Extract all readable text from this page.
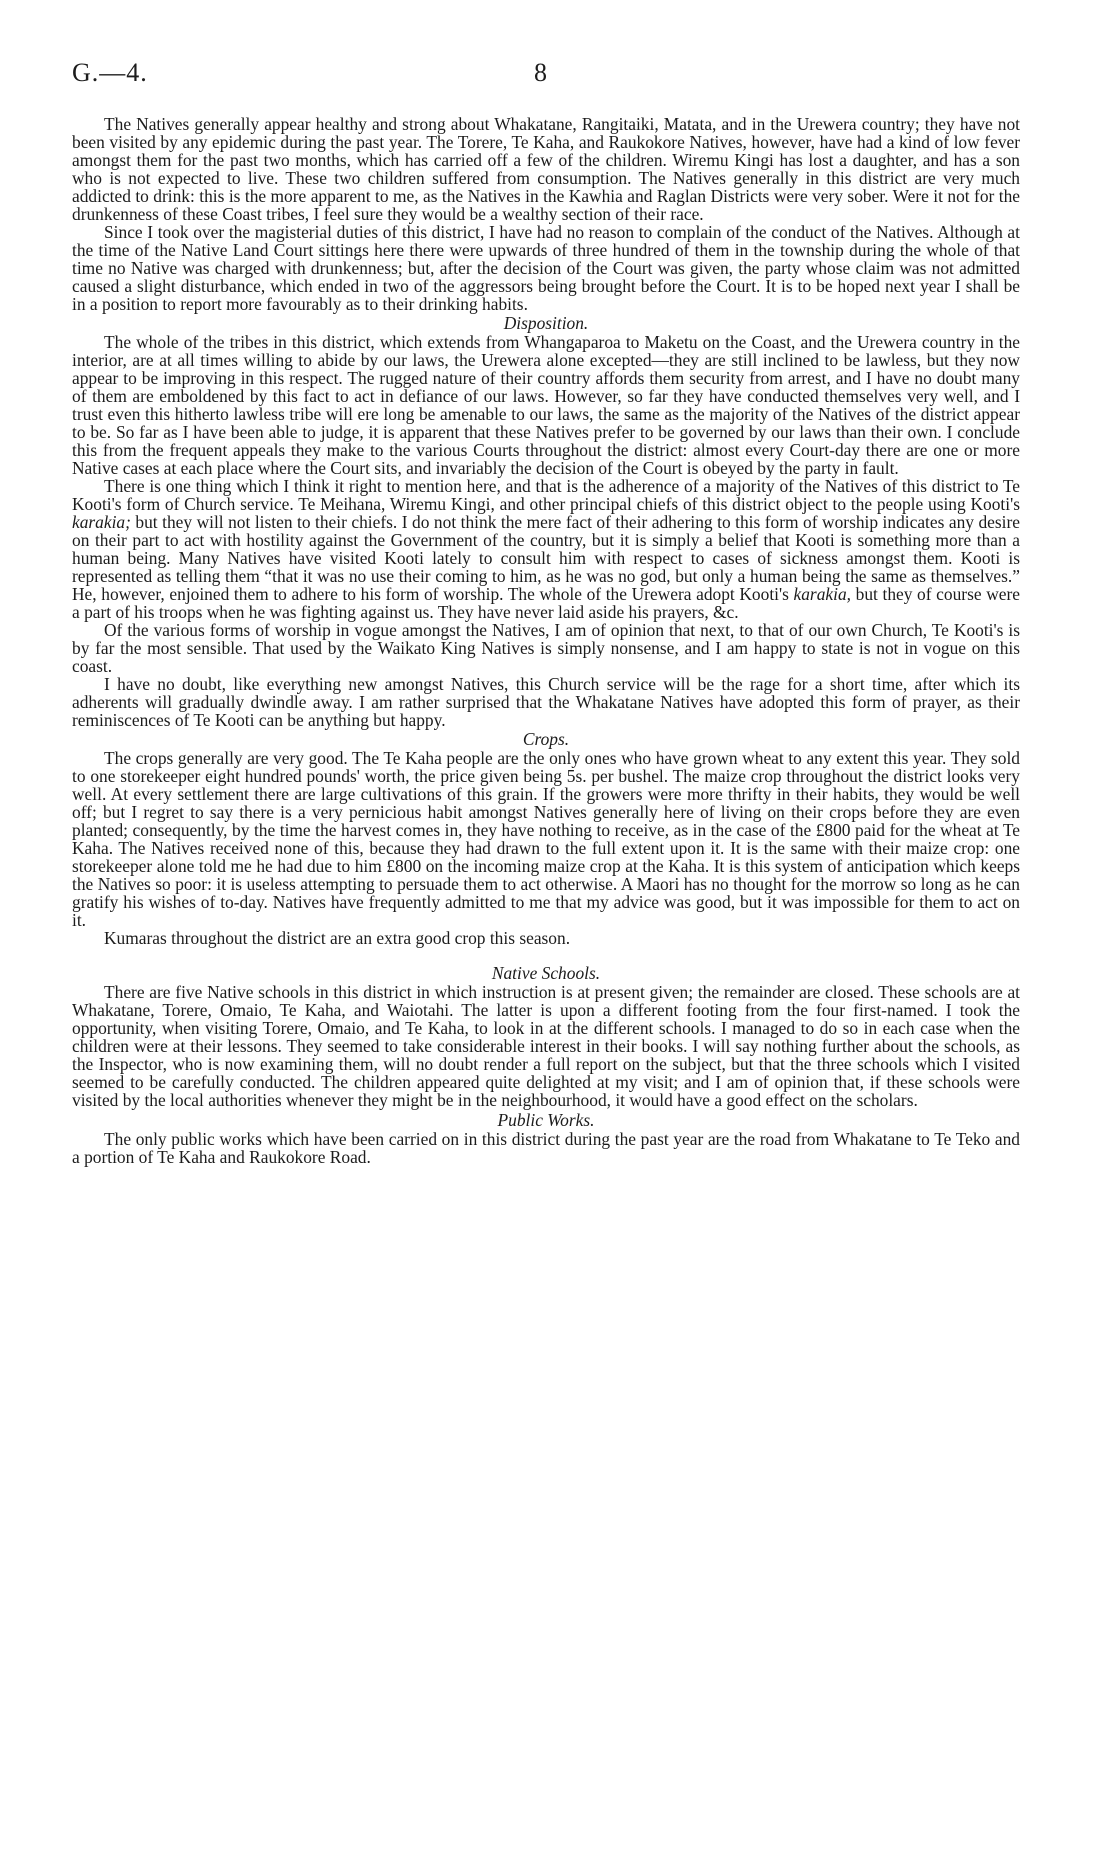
G.—4.	8

The Natives generally appear healthy and strong about Whakatane, Rangitaiki, Matata, and in the Urewera country; they have not been visited by any epidemic during the past year. The Torere, Te Kaha, and Raukokore Natives, however, have had a kind of low fever amongst them for the past two months, which has carried off a few of the children. Wiremu Kingi has lost a daughter, and has a son who is not expected to live. These two children suffered from consumption. The Natives generally in this district are very much addicted to drink: this is the more apparent to me, as the Natives in the Kawhia and Raglan Districts were very sober. Were it not for the drunkenness of these Coast tribes, I feel sure they would be a wealthy section of their race.

Since I took over the magisterial duties of this district, I have had no reason to complain of the conduct of the Natives. Although at the time of the Native Land Court sittings here there were upwards of three hundred of them in the township during the whole of that time no Native was charged with drunkenness; but, after the decision of the Court was given, the party whose claim was not admitted caused a slight disturbance, which ended in two of the aggressors being brought before the Court. It is to be hoped next year I shall be in a position to report more favourably as to their drinking habits.

Disposition.

The whole of the tribes in this district, which extends from Whangaparoa to Maketu on the Coast, and the Urewera country in the interior, are at all times willing to abide by our laws, the Urewera alone excepted—they are still inclined to be lawless, but they now appear to be improving in this respect. The rugged nature of their country affords them security from arrest, and I have no doubt many of them are emboldened by this fact to act in defiance of our laws. However, so far they have conducted themselves very well, and I trust even this hitherto lawless tribe will ere long be amenable to our laws, the same as the majority of the Natives of the district appear to be. So far as I have been able to judge, it is apparent that these Natives prefer to be governed by our laws than their own. I conclude this from the frequent appeals they make to the various Courts throughout the district: almost every Court-day there are one or more Native cases at each place where the Court sits, and invariably the decision of the Court is obeyed by the party in fault.

There is one thing which I think it right to mention here, and that is the adherence of a majority of the Natives of this district to Te Kooti's form of Church service. Te Meihana, Wiremu Kingi, and other principal chiefs of this district object to the people using Kooti's karakia; but they will not listen to their chiefs. I do not think the mere fact of their adhering to this form of worship indicates any desire on their part to act with hostility against the Government of the country, but it is simply a belief that Kooti is something more than a human being. Many Natives have visited Kooti lately to consult him with respect to cases of sickness amongst them. Kooti is represented as telling them “that it was no use their coming to him, as he was no god, but only a human being the same as themselves.” He, however, enjoined them to adhere to his form of worship. The whole of the Urewera adopt Kooti's karakia, but they of course were a part of his troops when he was fighting against us. They have never laid aside his prayers, &c.

Of the various forms of worship in vogue amongst the Natives, I am of opinion that next, to that of our own Church, Te Kooti's is by far the most sensible. That used by the Waikato King Natives is simply nonsense, and I am happy to state is not in vogue on this coast.

I have no doubt, like everything new amongst Natives, this Church service will be the rage for a short time, after which its adherents will gradually dwindle away. I am rather surprised that the Whakatane Natives have adopted this form of prayer, as their reminiscences of Te Kooti can be anything but happy.

Crops.

The crops generally are very good. The Te Kaha people are the only ones who have grown wheat to any extent this year. They sold to one storekeeper eight hundred pounds' worth, the price given being 5s. per bushel. The maize crop throughout the district looks very well. At every settlement there are large cultivations of this grain. If the growers were more thrifty in their habits, they would be well off; but I regret to say there is a very pernicious habit amongst Natives generally here of living on their crops before they are even planted; consequently, by the time the harvest comes in, they have nothing to receive, as in the case of the £800 paid for the wheat at Te Kaha. The Natives received none of this, because they had drawn to the full extent upon it. It is the same with their maize crop: one storekeeper alone told me he had due to him £800 on the incoming maize crop at the Kaha. It is this system of anticipation which keeps the Natives so poor: it is useless attempting to persuade them to act otherwise. A Maori has no thought for the morrow so long as he can gratify his wishes of to-day. Natives have frequently admitted to me that my advice was good, but it was impossible for them to act on it.

Kumaras throughout the district are an extra good crop this season.

Native Schools.

There are five Native schools in this district in which instruction is at present given; the remainder are closed. These schools are at Whakatane, Torere, Omaio, Te Kaha, and Waiotahi. The latter is upon a different footing from the four first-named. I took the opportunity, when visiting Torere, Omaio, and Te Kaha, to look in at the different schools. I managed to do so in each case when the children were at their lessons. They seemed to take considerable interest in their books. I will say nothing further about the schools, as the Inspector, who is now examining them, will no doubt render a full report on the subject, but that the three schools which I visited seemed to be carefully conducted. The children appeared quite delighted at my visit; and I am of opinion that, if these schools were visited by the local authorities whenever they might be in the neighbourhood, it would have a good effect on the scholars.

Public Works.

The only public works which have been carried on in this district during the past year are the road from Whakatane to Te Teko and a portion of Te Kaha and Raukokore Road.
